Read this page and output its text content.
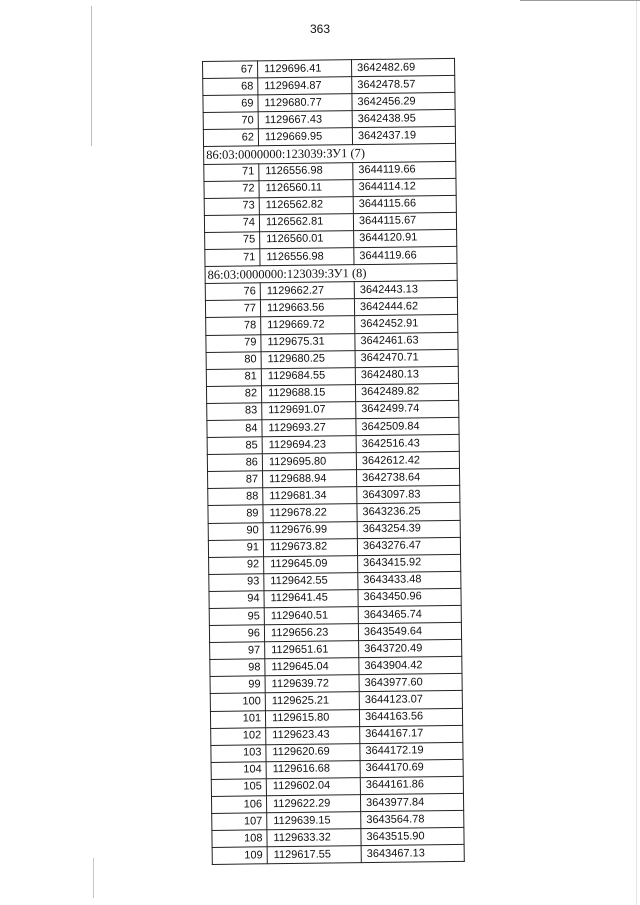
363
67	1129696.41	3642482.69
68	1129694.87	3642478.57
69	1129680.77	3642456.29
70	1129667.43	3642438.95
62	1129669.95	3642437.19
86:03:0000000:123039:ЗУ1 (7)		
71	1126556.98	3644119.66
72	1126560.11	3644114.12
73	1126562.82	3644115.66
74	1126562.81	3644115.67
75	1126560.01	3644120.91
71	1126556.98	3644119.66
86:03:0000000:123039:ЗУ1 (8)		
76	1129662.27	3642443.13
77	1129663.56	3642444.62
78	1129669.72	3642452.91
79	1129675.31	3642461.63
80	1129680.25	3642470.71
81	1129684.55	3642480.13
82	1129688.15	3642489.82
83	1129691.07	3642499.74
84	1129693.27	3642509.84
85	1129694.23	3642516.43
86	1129695.80	3642612.42
87	1129688.94	3642738.64
88	1129681.34	3643097.83
89	1129678.22	3643236.25
90	1129676.99	3643254.39
91	1129673.82	3643276.47
92	1129645.09	3643415.92
93	1129642.55	3643433.48
94	1129641.45	3643450.96
95	1129640.51	3643465.74
96	1129656.23	3643549.64
97	1129651.61	3643720.49
98	1129645.04	3643904.42
99	1129639.72	3643977.60
100	1129625.21	3644123.07
101	1129615.80	3644163.56
102	1129623.43	3644167.17
103	1129620.69	3644172.19
104	1129616.68	3644170.69
105	1129602.04	3644161.86
106	1129622.29	3643977.84
107	1129639.15	3643564.78
108	1129633.32	3643515.90
109	1129617.55	3643467.13
